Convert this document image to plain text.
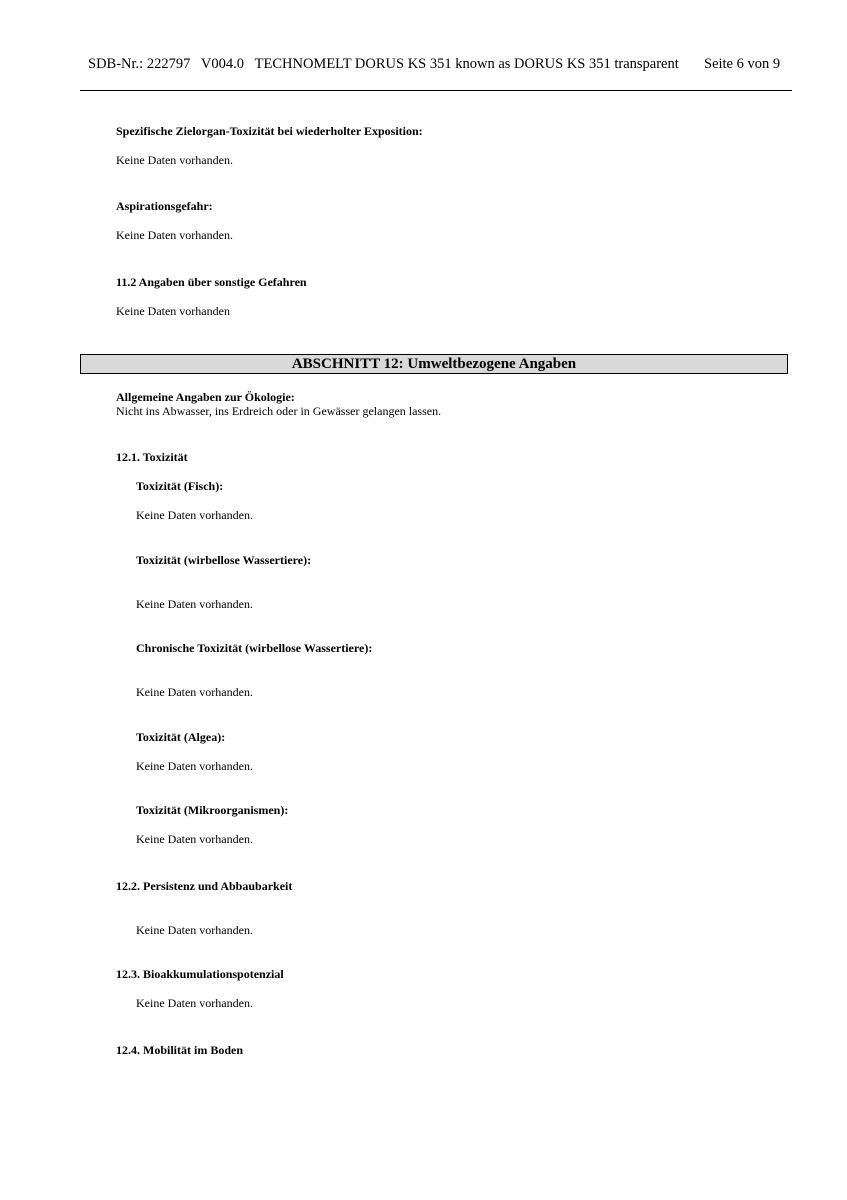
SDB-Nr.: 222797   V004.0   TECHNOMELT DORUS KS 351 known as DORUS KS 351 transparent Seite 6 von 9
Spezifische Zielorgan-Toxizität bei wiederholter Exposition:
Keine Daten vorhanden.
Aspirationsgefahr:
Keine Daten vorhanden.
11.2 Angaben über sonstige Gefahren
Keine Daten vorhanden
ABSCHNITT 12: Umweltbezogene Angaben
Allgemeine Angaben zur Ökologie:
Nicht ins Abwasser, ins Erdreich oder in Gewässer gelangen lassen.
12.1. Toxizität
Toxizität (Fisch):
Keine Daten vorhanden.
Toxizität (wirbellose Wassertiere):
Keine Daten vorhanden.
Chronische Toxizität (wirbellose Wassertiere):
Keine Daten vorhanden.
Toxizität (Algea):
Keine Daten vorhanden.
Toxizität (Mikroorganismen):
Keine Daten vorhanden.
12.2. Persistenz und Abbaubarkeit
Keine Daten vorhanden.
12.3. Bioakkumulationspotenzial
Keine Daten vorhanden.
12.4. Mobilität im Boden
